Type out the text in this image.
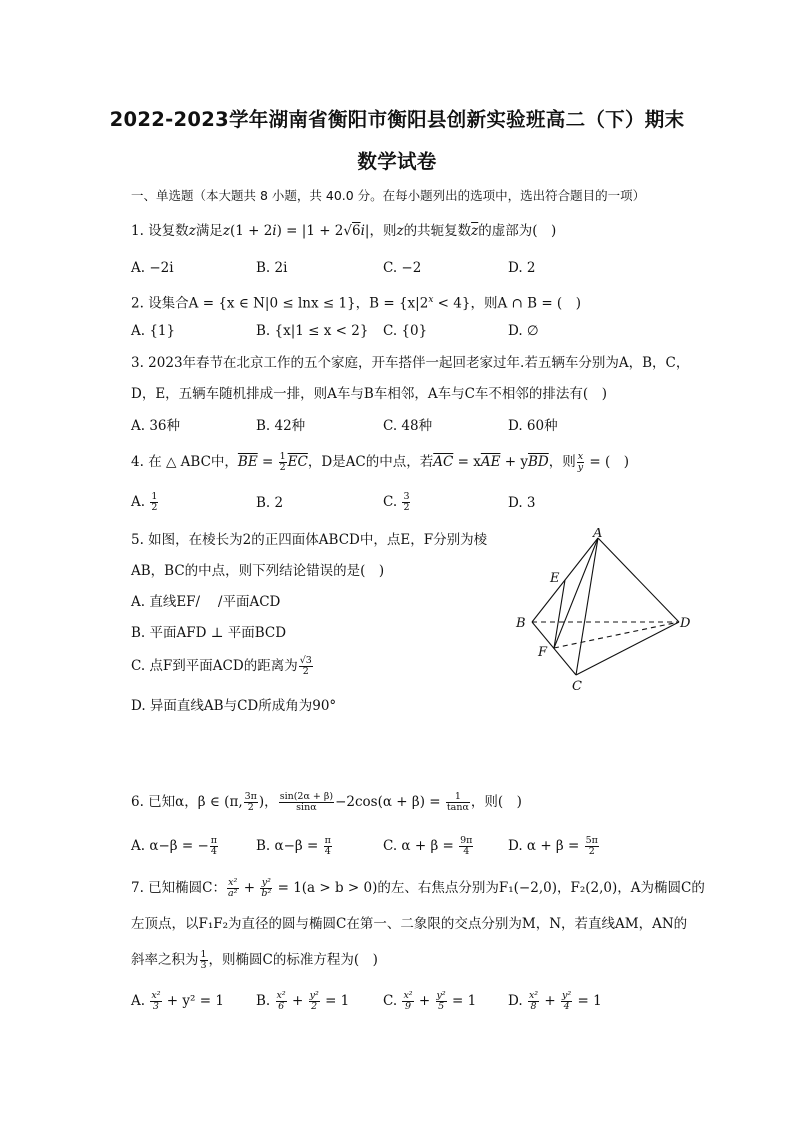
2022-2023学年湖南省衡阳市衡阳县创新实验班高二（下）期末
数学试卷
一、单选题（本大题共 8 小题，共 40.0 分。在每小题列出的选项中，选出符合题目的一项）
1. 设复数z满足z(1 + 2i) = |1 + 2√6i|，则z的共轭复数$\overline{z}$的虚部为(　)
A. −2i	B. 2i	C. −2	D. 2
2. 设集合A = {x ∈ N|0 ≤ lnx ≤ 1}，$B = \{x|2^x < 4\}$，则A ∩ B = (　)
A. {1}	B. {x|1 ≤ x < 2} C. {0}	D. ∅
3. 2023年春节在北京工作的五个家庭，开车搭伴一起回老家过年.若五辆车分别为A，B，C，
D，E，五辆车随机排成一排，则A车与B车相邻，A车与C车不相邻的排法有(　)
A. 36种	B. 42种	C. 48种	D. 60种
4. 在 △ ABC中，$\overline{BE} = \frac{1}{2} \overline{EC}$，D是AC的中点，若$\overline{AC} = x\overline{AE} + y\overline{BD}$，则 $\frac{x}{y}$ = (　)
A. $\frac{1}{2}$	B. 2	C. $\frac{3}{2}$	D. 3
5. 如图，在棱长为2的正四面体ABCD中，点E，F分别为棱
AB，BC的中点，则下列结论错误的是(　)
A. 直线EF/ 　/平面ACD
B. 平面AFD ⊥ 平面BCD
C. 点F到平面ACD的距离为 $\frac{√3}{2}$
D. 异面直线AB与CD所成角为90°
A
B
C
D
E
F
6. 已知α，β ∈ (π, $\frac{3\pi}{2}$ )， $\frac{\sin(2\alpha + \beta)}{\sin\alpha} -2\cos(\alpha + \beta) = \frac{1}{\tan\alpha}$ ，则(　)
A. α−β = − $\frac{\pi}{4}$	B. $\alpha-\beta = \frac{\pi}{4}$	C. $\alpha + \beta = \frac{9\pi}{4}$	D. $\alpha + \beta = \frac{5\pi}{2}$
7. 已知椭圆C： $\frac{\text{x²}}{\text{a²}} + \frac{\text{y²}}{\text{b²}} = 1(a > b > 0)$的左、右焦点分别为F₁(−2,0)，F₂(2,0)，A为椭圆C的
左顶点，以F₁F₂为直径的圆与椭圆C在第一、二象限的交点分别为M，N，若直线AM，AN的
斜率之积为 $\frac{1}{3}$ ，则椭圆C的标准方程为(　)
A. $\frac{\text{x²}}{3} + y^2 = 1$ B. $\frac{\text{x²}}{6} + \frac{\text{y²}}{2} = 1$ C. $\frac{\text{x²}}{9} + \frac{\text{y²}}{5} = 1$ D. $\frac{\text{x²}}{8} + \frac{\text{y²}}{4} = 1$
